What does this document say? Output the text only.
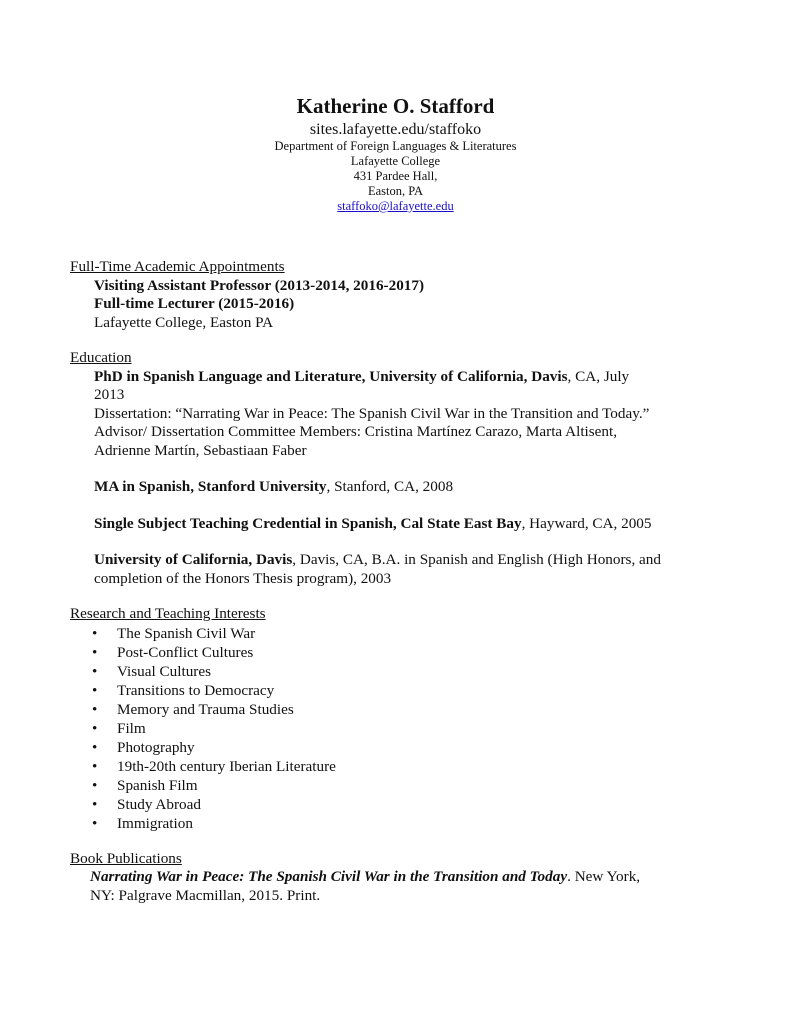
Katherine O. Stafford

sites.lafayette.edu/staffoko

Department of Foreign Languages & Literatures

Lafayette College

431 Pardee Hall,

Easton, PA

staffoko@lafayette.edu

Full-Time Academic Appointments

Visiting Assistant Professor (2013-2014, 2016-2017)
Full-time Lecturer (2015-2016)
Lafayette College, Easton PA

Education

PhD in Spanish Language and Literature, University of California, Davis, CA, July
2013
Dissertation: “Narrating War in Peace: The Spanish Civil War in the Transition and Today.”
Advisor/ Dissertation Committee Members: Cristina Martínez Carazo, Marta Altisent,
Adrienne Martín, Sebastiaan Faber
MA in Spanish, Stanford University, Stanford, CA, 2008
Single Subject Teaching Credential in Spanish, Cal State East Bay, Hayward, CA, 2005
University of California, Davis, Davis, CA, B.A. in Spanish and English (High Honors, and
completion of the Honors Thesis program), 2003

Research and Teaching Interests

• The Spanish Civil War
• Post-Conflict Cultures
• Visual Cultures
• Transitions to Democracy
• Memory and Trauma Studies
• Film
• Photography
• 19th-20th century Iberian Literature
• Spanish Film
• Study Abroad
• Immigration

Book Publications

Narrating War in Peace: The Spanish Civil War in the Transition and Today. New York,
NY: Palgrave Macmillan, 2015. Print.
